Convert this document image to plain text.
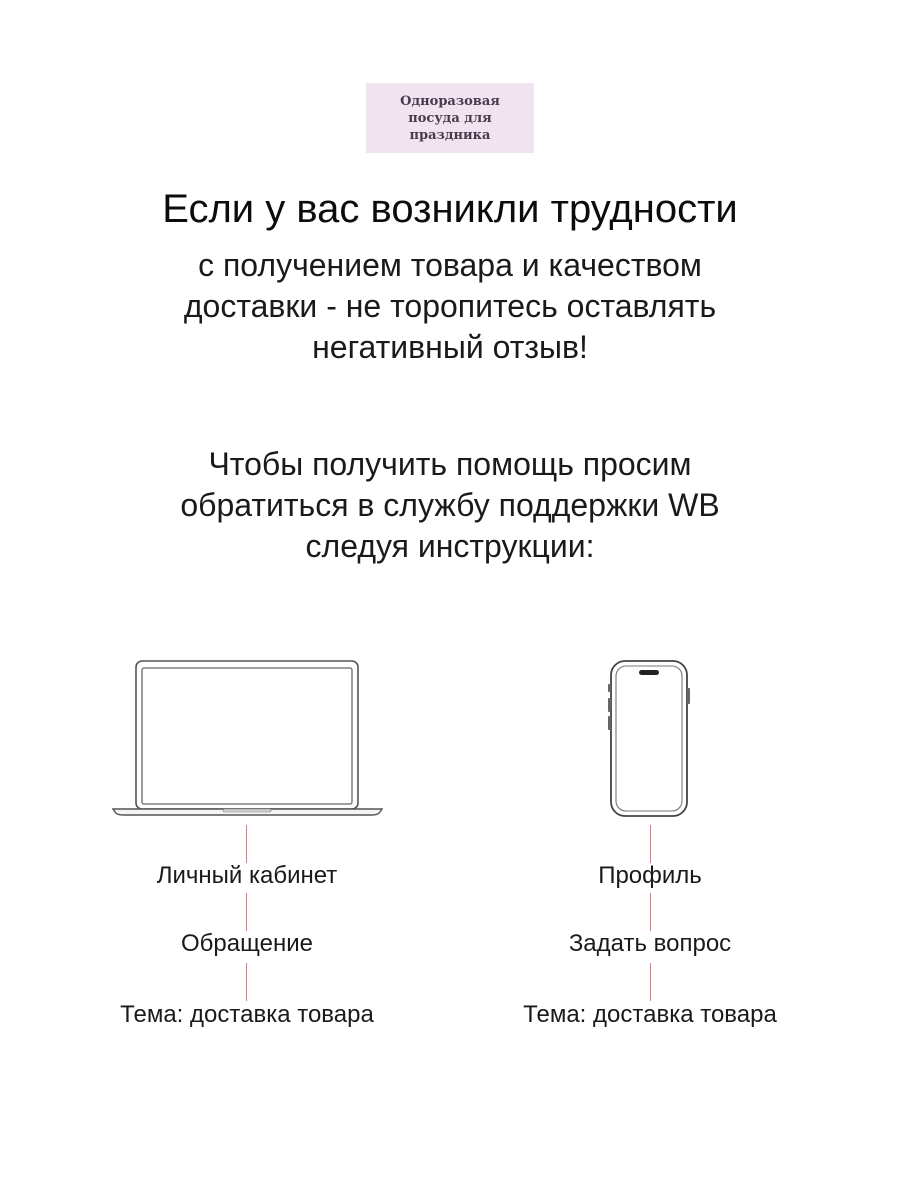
Одноразовая
посуда для
праздника
Если у вас возникли трудности
с получением товара и качеством
доставки - не торопитесь оставлять
негативный отзыв!
Чтобы получить помощь просим
обратиться в службу поддержки WB
следуя инструкции:
Личный кабинет
Обращение
Тема: доставка товара
Профиль
Задать вопрос
Тема: доставка товара
